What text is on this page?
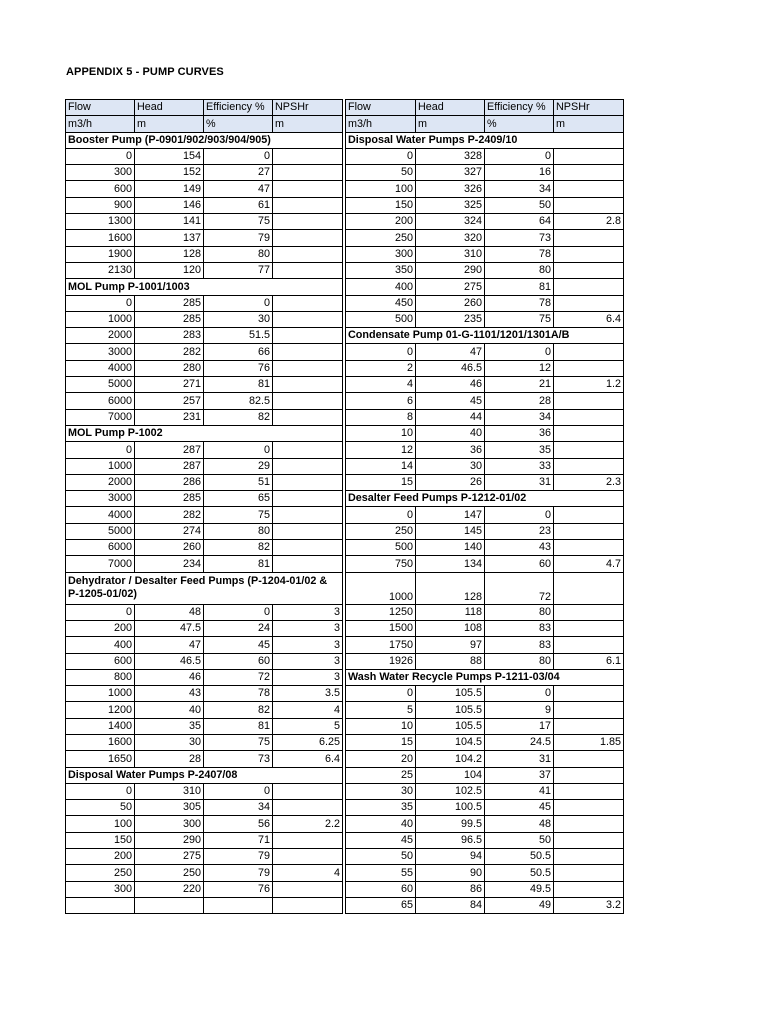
APPENDIX 5 - PUMP CURVES
Flow	Head	Efficiency %	NPSHr
m3/h	m	%	m
Booster Pump (P-0901/902/903/904/905)			
0	154	0	
300	152	27	
600	149	47	
900	146	61	
1300	141	75	
1600	137	79	
1900	128	80	
2130	120	77	
MOL Pump P-1001/1003			
0	285	0	
1000	285	30	
2000	283	51.5	
3000	282	66	
4000	280	76	
5000	271	81	
6000	257	82.5	
7000	231	82	
MOL Pump P-1002			
0	287	0	
1000	287	29	
2000	286	51	
3000	285	65	
4000	282	75	
5000	274	80	
6000	260	82	
7000	234	81	
Dehydrator / Desalter Feed Pumps (P-1204-01/02 & P-1205-01/02)			
0	48	0	3
200	47.5	24	3
400	47	45	3
600	46.5	60	3
800	46	72	3
1000	43	78	3.5
1200	40	82	4
1400	35	81	5
1600	30	75	6.25
1650	28	73	6.4
Disposal Water Pumps P-2407/08			
0	310	0	
50	305	34	
100	300	56	2.2
150	290	71	
200	275	79	
250	250	79	4
300	220	76	

Flow	Head	Efficiency %	NPSHr
m3/h	m	%	m
Disposal Water Pumps P-2409/10			
0	328	0	
50	327	16	
100	326	34	
150	325	50	
200	324	64	2.8
250	320	73	
300	310	78	
350	290	80	
400	275	81	
450	260	78	
500	235	75	6.4
Condensate Pump 01-G-1101/1201/1301A/B			
0	47	0	
2	46.5	12	
4	46	21	1.2
6	45	28	
8	44	34	
10	40	36	
12	36	35	
14	30	33	
15	26	31	2.3
Desalter Feed Pumps P-1212-01/02			
0	147	0	
250	145	23	
500	140	43	
750	134	60	4.7
1000	128	72	
1250	118	80	
1500	108	83	
1750	97	83	
1926	88	80	6.1
Wash Water Recycle Pumps P-1211-03/04			
0	105.5	0	
5	105.5	9	
10	105.5	17	
15	104.5	24.5	1.85
20	104.2	31	
25	104	37	
30	102.5	41	
35	100.5	45	
40	99.5	48	
45	96.5	50	
50	94	50.5	
55	90	50.5	
60	86	49.5	
65	84	49	3.2
